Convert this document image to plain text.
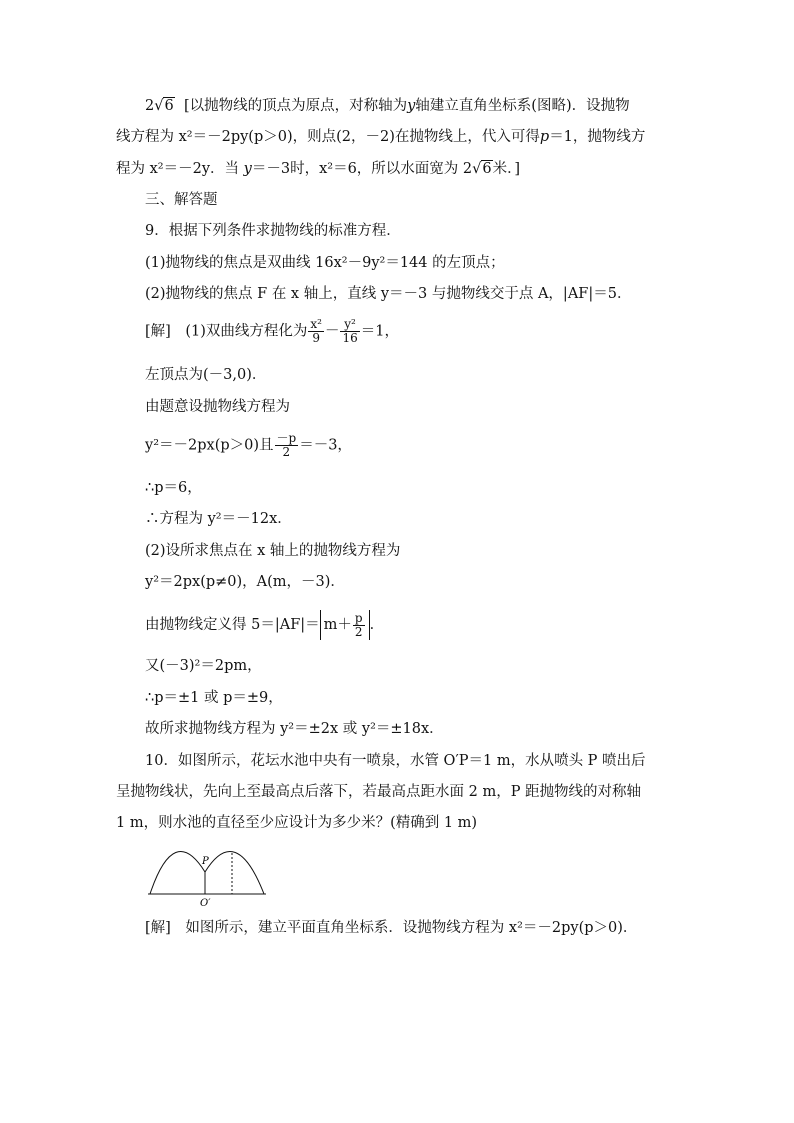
2√6 [以抛物线的顶点为原点，对称轴为y轴建立直角坐标系(图略)．设抛物
线方程为 x²＝－2py(p＞0)，则点(2，－2)在抛物线上，代入可得p＝1，抛物线方
程为 x²＝－2y．当 y＝－3时，x²＝6，所以水面宽为 2√6米．]
三、解答题
9．根据下列条件求抛物线的标准方程．
(1)抛物线的焦点是双曲线 16x²－9y²＝144 的左顶点；
(2)抛物线的焦点 F 在 x 轴上，直线 y＝－3 与抛物线交于点 A，|AF|＝5．
[解]　(1)双曲线方程化为 $\frac{\text{x²}}{9} - \frac{\text{y²}}{16} =1$，
左顶点为(－3,0)．
由题意设抛物线方程为
y²＝－2px(p＞0)且 $\frac{-p}{2} =-3$，
∴p＝6，
∴方程为 y²＝－12x．
(2)设所求焦点在 x 轴上的抛物线方程为
y²＝2px(p≠0)，A(m，－3)．
由抛物线定义得 $5=|AF|= m+ \frac{p}{2}$ ．
又(－3)²＝2pm，
∴p＝±1 或 p＝±9，
故所求抛物线方程为 y²＝±2x 或 y²＝±18x．
10．如图所示，花坛水池中央有一喷泉，水管 O′P＝1 m，水从喷头 P 喷出后
呈抛物线状，先向上至最高点后落下，若最高点距水面 2 m，P 距抛物线的对称轴
1 m，则水池的直径至少应设计为多少米？(精确到 1 m)
P
O′
[解]　如图所示，建立平面直角坐标系．设抛物线方程为 x²＝－2py(p＞0)．
